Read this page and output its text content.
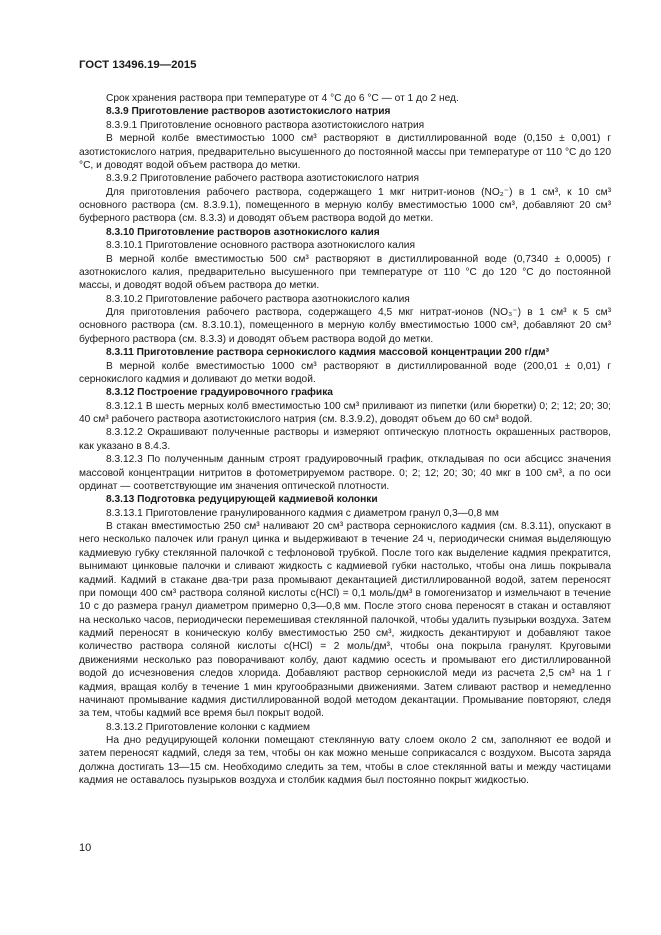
ГОСТ 13496.19—2015

Срок хранения раствора при температуре от 4 °С до 6 °С — от 1 до 2 нед.

8.3.9 Приготовление растворов азотистокислого натрия

8.3.9.1 Приготовление основного раствора азотистокислого натрия

В мерной колбе вместимостью 1000 см³ растворяют в дистиллированной воде (0,150 ± 0,001) г азотистокислого натрия, предварительно высушенного до постоянной массы при температуре от 110 °С до 120 °С, и доводят водой объем раствора до метки.

8.3.9.2 Приготовление рабочего раствора азотистокислого натрия

Для приготовления рабочего раствора, содержащего 1 мкг нитрит-ионов (NO₂⁻) в 1 см³, к 10 см³ основного раствора (см. 8.3.9.1), помещенного в мерную колбу вместимостью 1000 см³, добавляют 20 см³ буферного раствора (см. 8.3.3) и доводят объем раствора водой до метки.

8.3.10 Приготовление растворов азотнокислого калия

8.3.10.1 Приготовление основного раствора азотнокислого калия

В мерной колбе вместимостью 500 см³ растворяют в дистиллированной воде (0,7340 ± 0,0005) г азотнокислого калия, предварительно высушенного при температуре от 110 °С до 120 °С до постоянной массы, и доводят водой объем раствора до метки.

8.3.10.2 Приготовление рабочего раствора азотнокислого калия

Для приготовления рабочего раствора, содержащего 4,5 мкг нитрат-ионов (NO₃⁻) в 1 см³ к 5 см³ основного раствора (см. 8.3.10.1), помещенного в мерную колбу вместимостью 1000 см³, добавляют 20 см³ буферного раствора (см. 8.3.3) и доводят объем раствора водой до метки.

8.3.11 Приготовление раствора сернокислого кадмия массовой концентрации 200 г/дм³

В мерной колбе вместимостью 1000 см³ растворяют в дистиллированной воде (200,01 ± 0,01) г сернокислого кадмия и доливают до метки водой.

8.3.12 Построение градуировочного графика

8.3.12.1 В шесть мерных колб вместимостью 100 см³ приливают из пипетки (или бюретки) 0; 2; 12; 20; 30; 40 см³ рабочего раствора азотистокислого натрия (см. 8.3.9.2), доводят объем до 60 см³ водой.

8.3.12.2 Окрашивают полученные растворы и измеряют оптическую плотность окрашенных растворов, как указано в 8.4.3.

8.3.12.3 По полученным данным строят градуировочный график, откладывая по оси абсцисс значения массовой концентрации нитритов в фотометрируемом растворе. 0; 2; 12; 20; 30; 40 мкг в 100 см³, а по оси ординат — соответствующие им значения оптической плотности.

8.3.13 Подготовка редуцирующей кадмиевой колонки

8.3.13.1 Приготовление гранулированного кадмия с диаметром гранул 0,3—0,8 мм

В стакан вместимостью 250 см³ наливают 20 см³ раствора сернокислого кадмия (см. 8.3.11), опускают в него несколько палочек или гранул цинка и выдерживают в течение 24 ч, периодически снимая выделяющую кадмиевую губку стеклянной палочкой с тефлоновой трубкой. После того как выделение кадмия прекратится, вынимают цинковые палочки и сливают жидкость с кадмиевой губки настолько, чтобы она лишь покрывала кадмий. Кадмий в стакане два-три раза промывают декантацией дистиллированной водой, затем переносят при помощи 400 см³ раствора соляной кислоты с(HCl) = 0,1 моль/дм³ в гомогенизатор и измельчают в течение 10 с до размера гранул диаметром примерно 0,3—0,8 мм. После этого снова переносят в стакан и оставляют на несколько часов, периодически перемешивая стеклянной палочкой, чтобы удалить пузырьки воздуха. Затем кадмий переносят в коническую колбу вместимостью 250 см³, жидкость декантируют и добавляют такое количество раствора соляной кислоты с(HCl) = 2 моль/дм³, чтобы она покрыла гранулят. Круговыми движениями несколько раз поворачивают колбу, дают кадмию осесть и промывают его дистиллированной водой до исчезновения следов хлорида. Добавляют раствор сернокислой меди из расчета 2,5 см³ на 1 г кадмия, вращая колбу в течение 1 мин кругообразными движениями. Затем сливают раствор и немедленно начинают промывание кадмия дистиллированной водой методом декантации. Промывание повторяют, следя за тем, чтобы кадмий все время был покрыт водой.

8.3.13.2 Приготовление колонки с кадмием

На дно редуцирующей колонки помещают стеклянную вату слоем около 2 см, заполняют ее водой и затем переносят кадмий, следя за тем, чтобы он как можно меньше соприкасался с воздухом. Высота заряда должна достигать 13—15 см. Необходимо следить за тем, чтобы в слое стеклянной ваты и между частицами кадмия не оставалось пузырьков воздуха и столбик кадмия был постоянно покрыт жидкостью.

10
